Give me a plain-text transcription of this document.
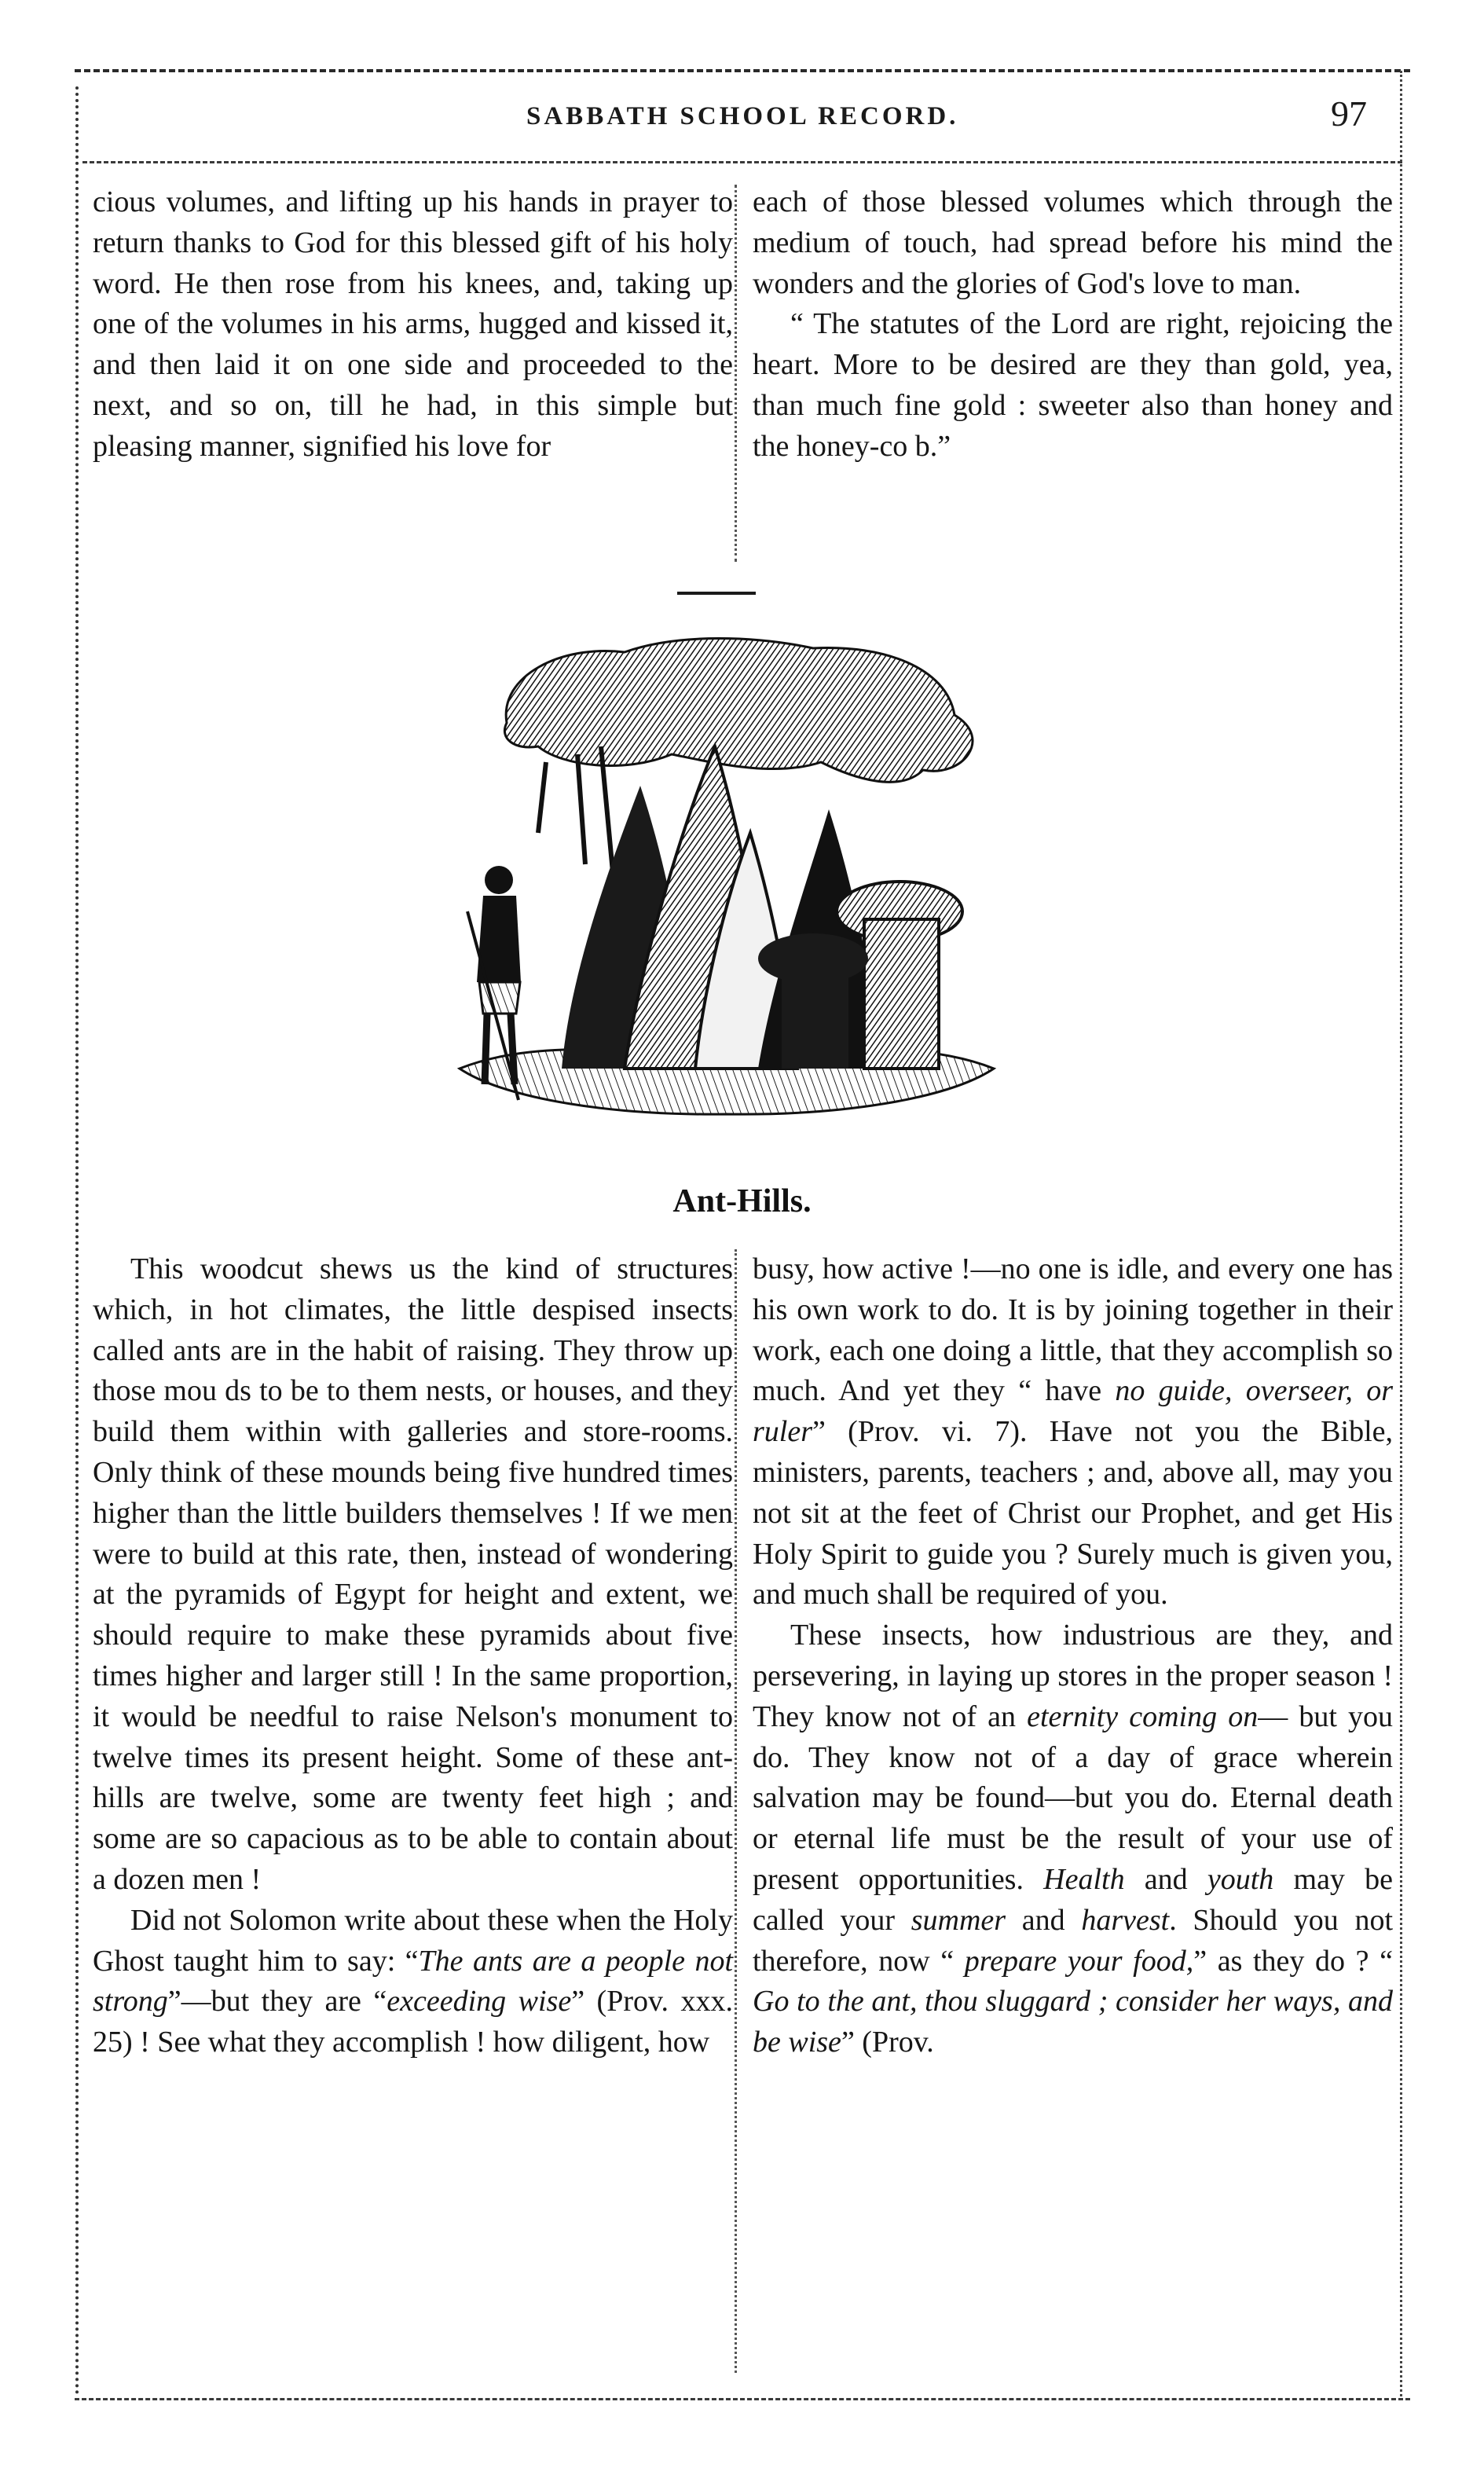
SABBATH SCHOOL RECORD.	97

cious volumes, and lifting up his hands in prayer to return thanks to God for this blessed gift of his holy word. He then rose from his knees, and, taking up one of the volumes in his arms, hugged and kissed it, and then laid it on one side and proceeded to the next, and so on, till he had, in this simple but pleasing manner, signified his love for

each of those blessed volumes which through the medium of touch, had spread before his mind the wonders and the glories of God's love to man.

“ The statutes of the Lord are right, rejoicing the heart. More to be desired are they than gold, yea, than much fine gold : sweeter also than honey and the honey-co b.”

Ant-Hills.

This woodcut shews us the kind of structures which, in hot climates, the little despised insects called ants are in the habit of raising. They throw up those mou ds to be to them nests, or houses, and they build them within with galleries and store-rooms. Only think of these mounds being five hundred times higher than the little builders themselves ! If we men were to build at this rate, then, instead of wondering at the pyramids of Egypt for height and extent, we should require to make these pyramids about five times higher and larger still ! In the same proportion, it would be needful to raise Nelson's monument to twelve times its present height. Some of these ant-hills are twelve, some are twenty feet high ; and some are so capacious as to be able to contain about a dozen men !

Did not Solomon write about these when the Holy Ghost taught him to say: “The ants are a people not strong”—but they are “exceeding wise” (Prov. xxx. 25) ! See what they accomplish ! how diligent, how

busy, how active !—no one is idle, and every one has his own work to do. It is by joining together in their work, each one doing a little, that they accomplish so much. And yet they “ have no guide, overseer, or ruler” (Prov. vi. 7). Have not you the Bible, ministers, parents, teachers ; and, above all, may you not sit at the feet of Christ our Prophet, and get His Holy Spirit to guide you ? Surely much is given you, and much shall be required of you.

These insects, how industrious are they, and persevering, in laying up stores in the proper season ! They know not of an eternity coming on— but you do. They know not of a day of grace wherein salvation may be found—but you do. Eternal death or eternal life must be the result of your use of present opportunities. Health and youth may be called your summer and harvest. Should you not therefore, now “ prepare your food,” as they do ? “ Go to the ant, thou sluggard ; consider her ways, and be wise” (Prov.
